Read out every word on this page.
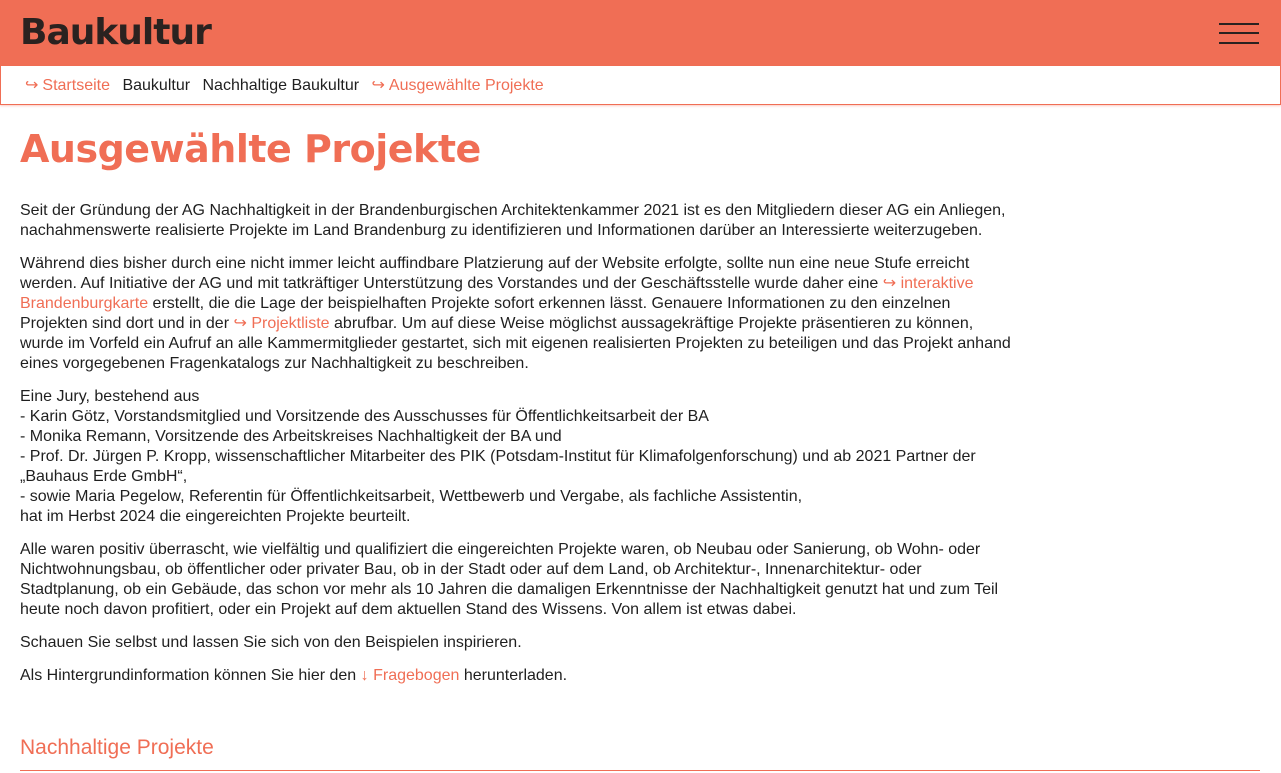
Baukultur
↪ Startseite Baukultur Nachhaltige Baukultur ↪ Ausgewählte Projekte
Ausgewählte Projekte

Seit der Gründung der AG Nachhaltigkeit in der Brandenburgischen Architektenkammer 2021 ist es den Mitgliedern dieser AG ein Anliegen, nachahmenswerte realisierte Projekte im Land Brandenburg zu identifizieren und Informationen darüber an Interessierte weiterzugeben.

Während dies bisher durch eine nicht immer leicht auffindbare Platzierung auf der Website erfolgte, sollte nun eine neue Stufe erreicht werden. Auf Initiative der AG und mit tatkräftiger Unterstützung des Vorstandes und der Geschäftsstelle wurde daher eine ↪ interaktive Brandenburgkarte erstellt, die die Lage der beispielhaften Projekte sofort erkennen lässt. Genauere Informationen zu den einzelnen Projekten sind dort und in der ↪ Projektliste abrufbar. Um auf diese Weise möglichst aussagekräftige Projekte präsentieren zu können, wurde im Vorfeld ein Aufruf an alle Kammermitglieder gestartet, sich mit eigenen realisierten Projekten zu beteiligen und das Projekt anhand eines vorgegebenen Fragenkatalogs zur Nachhaltigkeit zu beschreiben.

Eine Jury, bestehend aus
- Karin Götz, Vorstandsmitglied und Vorsitzende des Ausschusses für Öffentlichkeitsarbeit der BA
- Monika Remann, Vorsitzende des Arbeitskreises Nachhaltigkeit der BA und
- Prof. Dr. Jürgen P. Kropp, wissenschaftlicher Mitarbeiter des PIK (Potsdam-Institut für Klimafolgenforschung) und ab 2021 Partner der „Bauhaus Erde GmbH“,
- sowie Maria Pegelow, Referentin für Öffentlichkeitsarbeit, Wettbewerb und Vergabe, als fachliche Assistentin,
hat im Herbst 2024 die eingereichten Projekte beurteilt.

Alle waren positiv überrascht, wie vielfältig und qualifiziert die eingereichten Projekte waren, ob Neubau oder Sanierung, ob Wohn- oder Nichtwohnungsbau, ob öffentlicher oder privater Bau, ob in der Stadt oder auf dem Land, ob Architektur-, Innenarchitektur- oder Stadtplanung, ob ein Gebäude, das schon vor mehr als 10 Jahren die damaligen Erkenntnisse der Nachhaltigkeit genutzt hat und zum Teil heute noch davon profitiert, oder ein Projekt auf dem aktuellen Stand des Wissens. Von allem ist etwas dabei.

Schauen Sie selbst und lassen Sie sich von den Beispielen inspirieren.

Als Hintergrundinformation können Sie hier den ↓ Fragebogen herunterladen.

Nachhaltige Projekte
